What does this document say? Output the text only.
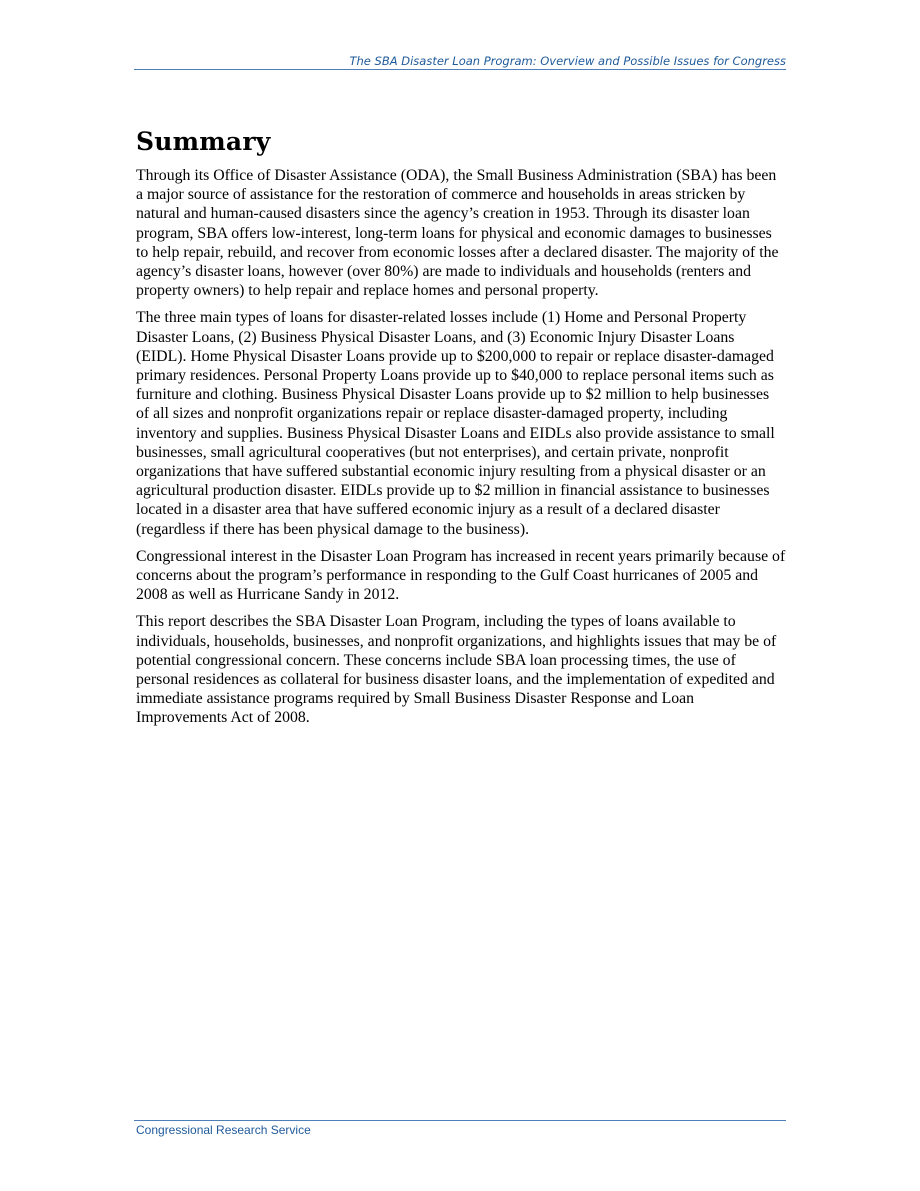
The SBA Disaster Loan Program: Overview and Possible Issues for Congress
Summary

Through its Office of Disaster Assistance (ODA), the Small Business Administration (SBA) has been a major source of assistance for the restoration of commerce and households in areas stricken by natural and human-caused disasters since the agency’s creation in 1953. Through its disaster loan program, SBA offers low-interest, long-term loans for physical and economic damages to businesses to help repair, rebuild, and recover from economic losses after a declared disaster. The majority of the agency’s disaster loans, however (over 80%) are made to individuals and households (renters and property owners) to help repair and replace homes and personal property.

The three main types of loans for disaster-related losses include (1) Home and Personal Property Disaster Loans, (2) Business Physical Disaster Loans, and (3) Economic Injury Disaster Loans (EIDL). Home Physical Disaster Loans provide up to $200,000 to repair or replace disaster-damaged primary residences. Personal Property Loans provide up to $40,000 to replace personal items such as furniture and clothing. Business Physical Disaster Loans provide up to $2 million to help businesses of all sizes and nonprofit organizations repair or replace disaster-damaged property, including inventory and supplies. Business Physical Disaster Loans and EIDLs also provide assistance to small businesses, small agricultural cooperatives (but not enterprises), and certain private, nonprofit organizations that have suffered substantial economic injury resulting from a physical disaster or an agricultural production disaster. EIDLs provide up to $2 million in financial assistance to businesses located in a disaster area that have suffered economic injury as a result of a declared disaster (regardless if there has been physical damage to the business).

Congressional interest in the Disaster Loan Program has increased in recent years primarily because of concerns about the program’s performance in responding to the Gulf Coast hurricanes of 2005 and 2008 as well as Hurricane Sandy in 2012.

This report describes the SBA Disaster Loan Program, including the types of loans available to individuals, households, businesses, and nonprofit organizations, and highlights issues that may be of potential congressional concern. These concerns include SBA loan processing times, the use of personal residences as collateral for business disaster loans, and the implementation of expedited and immediate assistance programs required by Small Business Disaster Response and Loan Improvements Act of 2008.

Congressional Research Service
